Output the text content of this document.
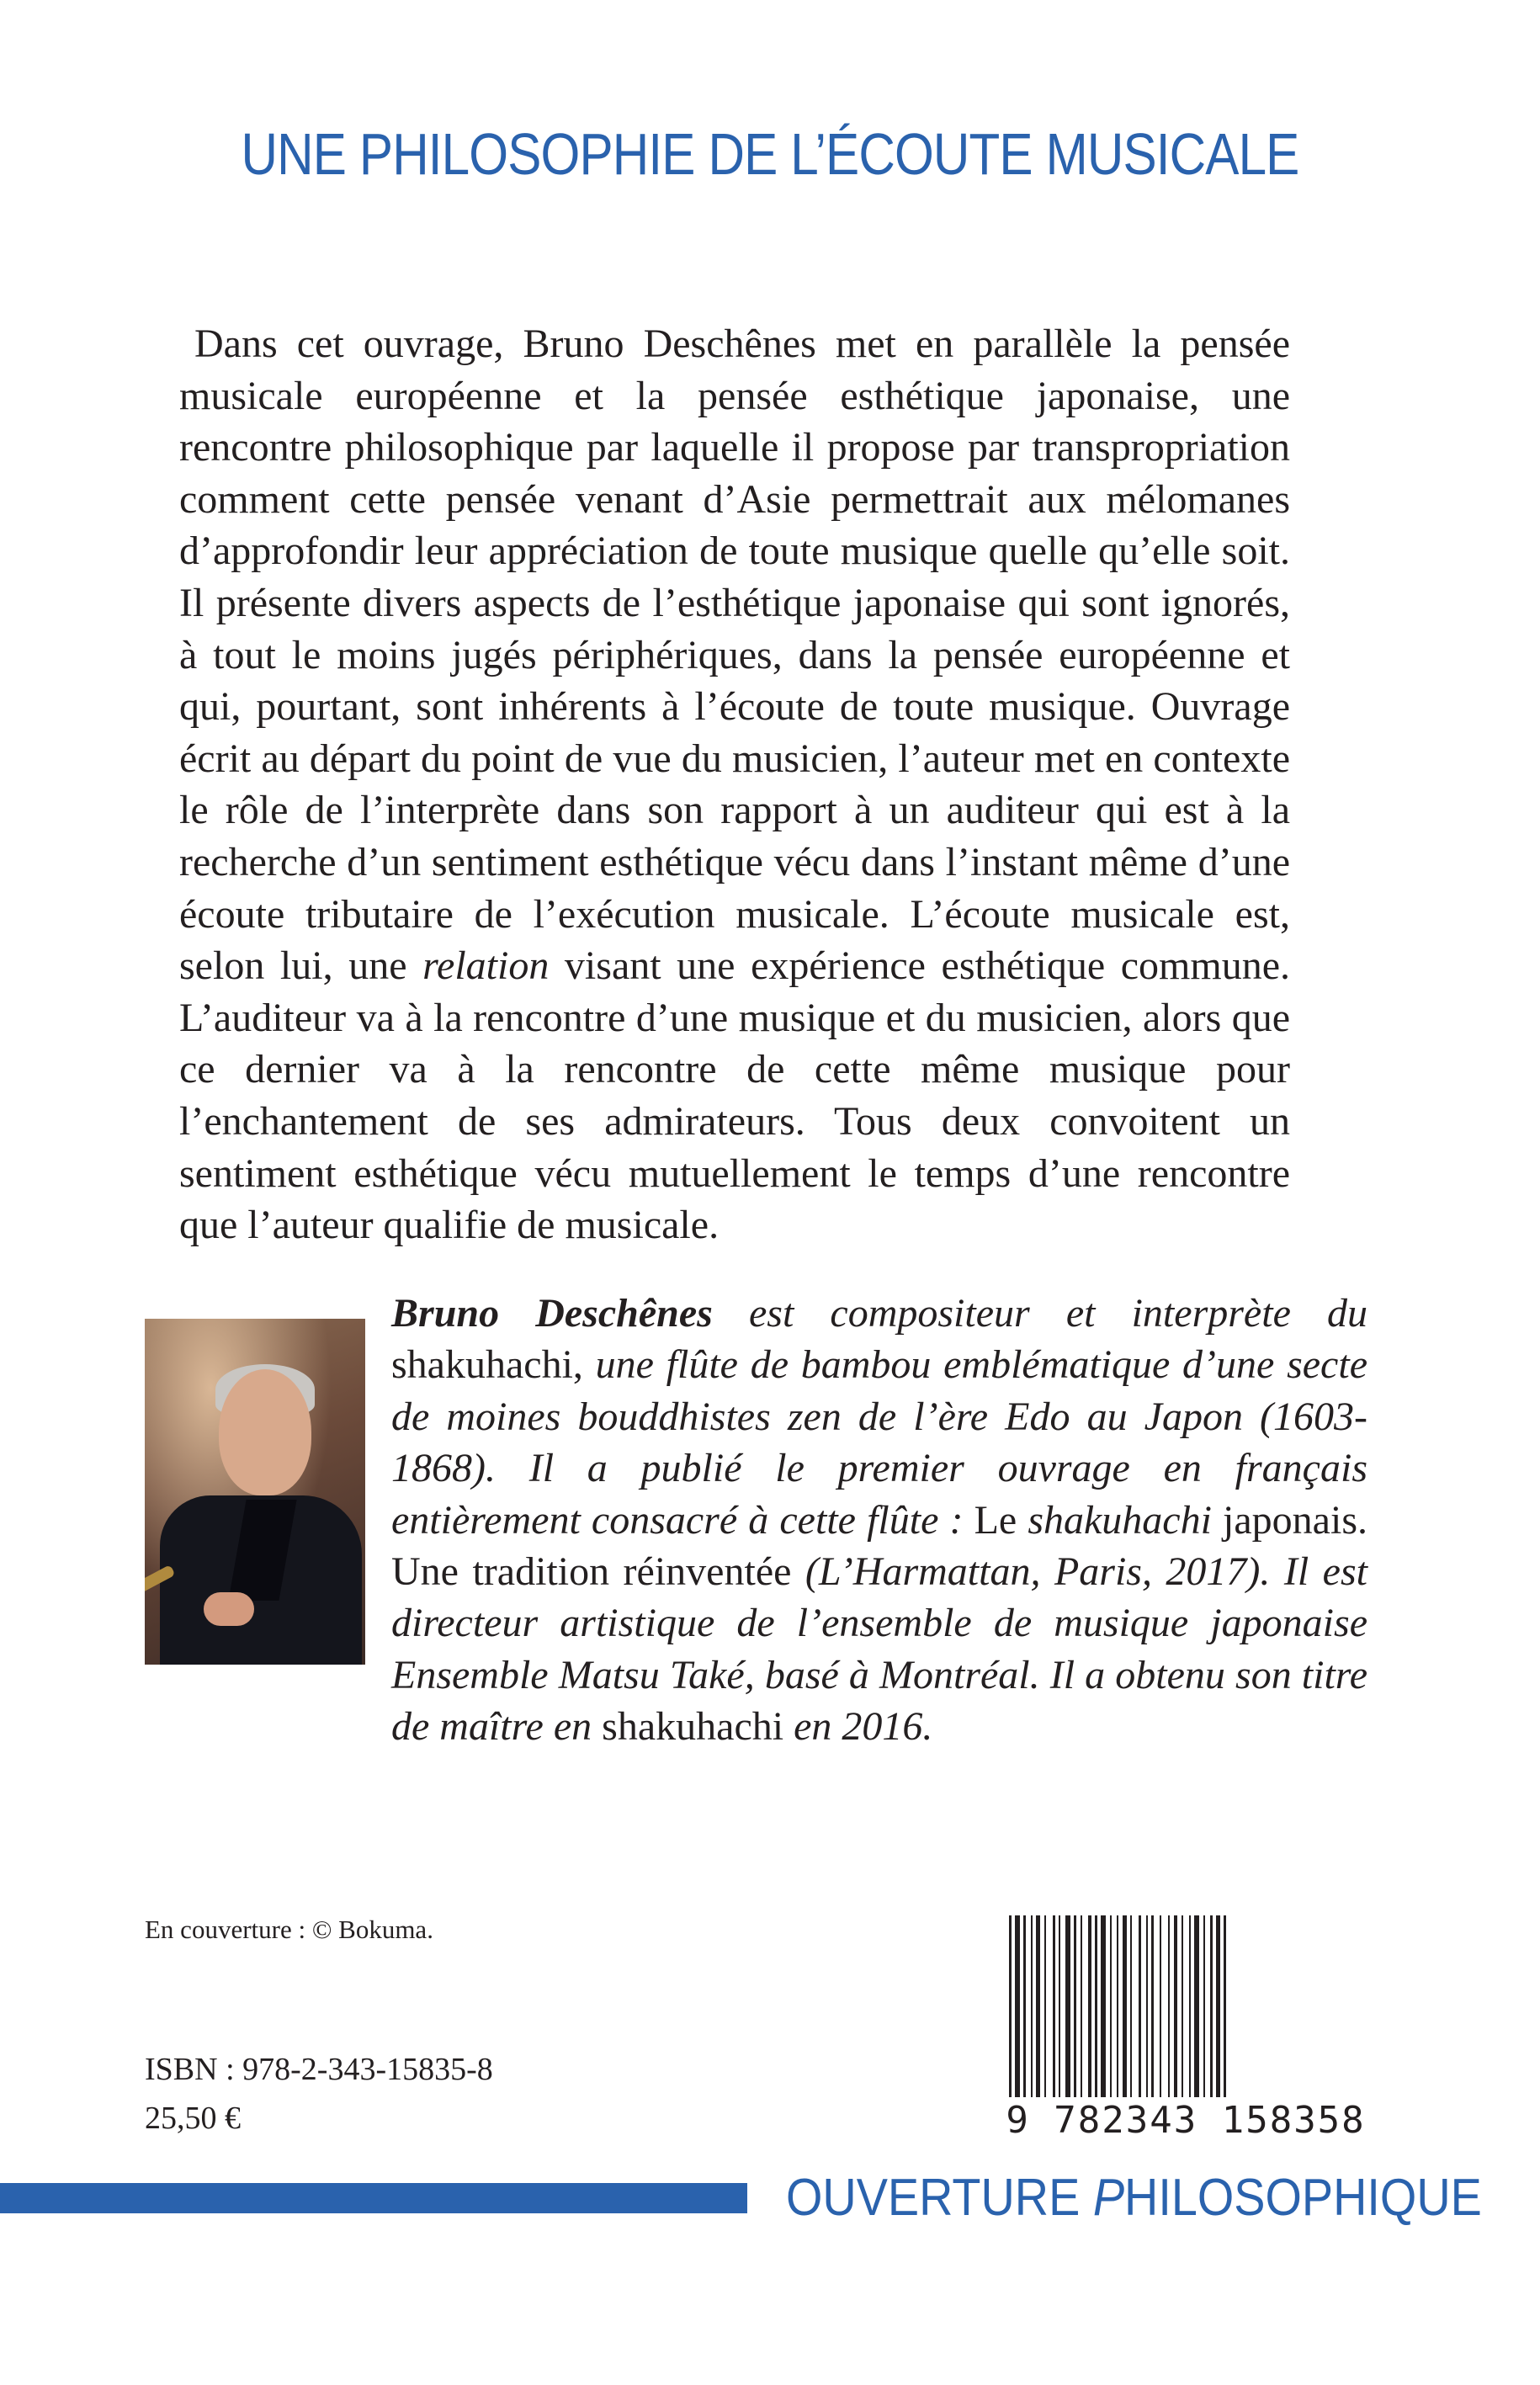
UNE PHILOSOPHIE DE L’ÉCOUTE MUSICALE

Dans cet ouvrage, Bruno Deschênes met en parallèle la pensée musicale européenne et la pensée esthétique japonaise, une rencontre philosophique par laquelle il propose par transpropriation comment cette pensée venant d’Asie permettrait aux mélomanes d’approfondir leur appréciation de toute musique quelle qu’elle soit. Il présente divers aspects de l’esthétique japonaise qui sont ignorés, à tout le moins jugés périphériques, dans la pensée européenne et qui, pourtant, sont inhérents à l’écoute de toute musique. Ouvrage écrit au départ du point de vue du musicien, l’auteur met en contexte le rôle de l’interprète dans son rapport à un auditeur qui est à la recherche d’un sentiment esthétique vécu dans l’instant même d’une écoute tributaire de l’exécution musicale. L’écoute musicale est, selon lui, une relation visant une expérience esthétique commune. L’auditeur va à la rencontre d’une musique et du musicien, alors que ce dernier va à la rencontre de cette même musique pour l’enchantement de ses admirateurs. Tous deux convoitent un sentiment esthétique vécu mutuellement le temps d’une rencontre que l’auteur qualifie de musicale.

Bruno Deschênes est compositeur et interprète du shakuhachi, une flûte de bambou emblématique d’une secte de moines bouddhistes zen de l’ère Edo au Japon (1603-1868). Il a publié le premier ouvrage en français entièrement consacré à cette flûte : Le shakuhachi japonais. Une tradition réinventée (L’Harmattan, Paris, 2017). Il est directeur artistique de l’ensemble de musique japonaise Ensemble Matsu Také, basé à Montréal. Il a obtenu son titre de maître en shakuhachi en 2016.

En couverture : © Bokuma.

ISBN : 978-2-343-15835-8

25,50 €	9 782343 158358
OUVERTURE PHILOSOPHIQUE
